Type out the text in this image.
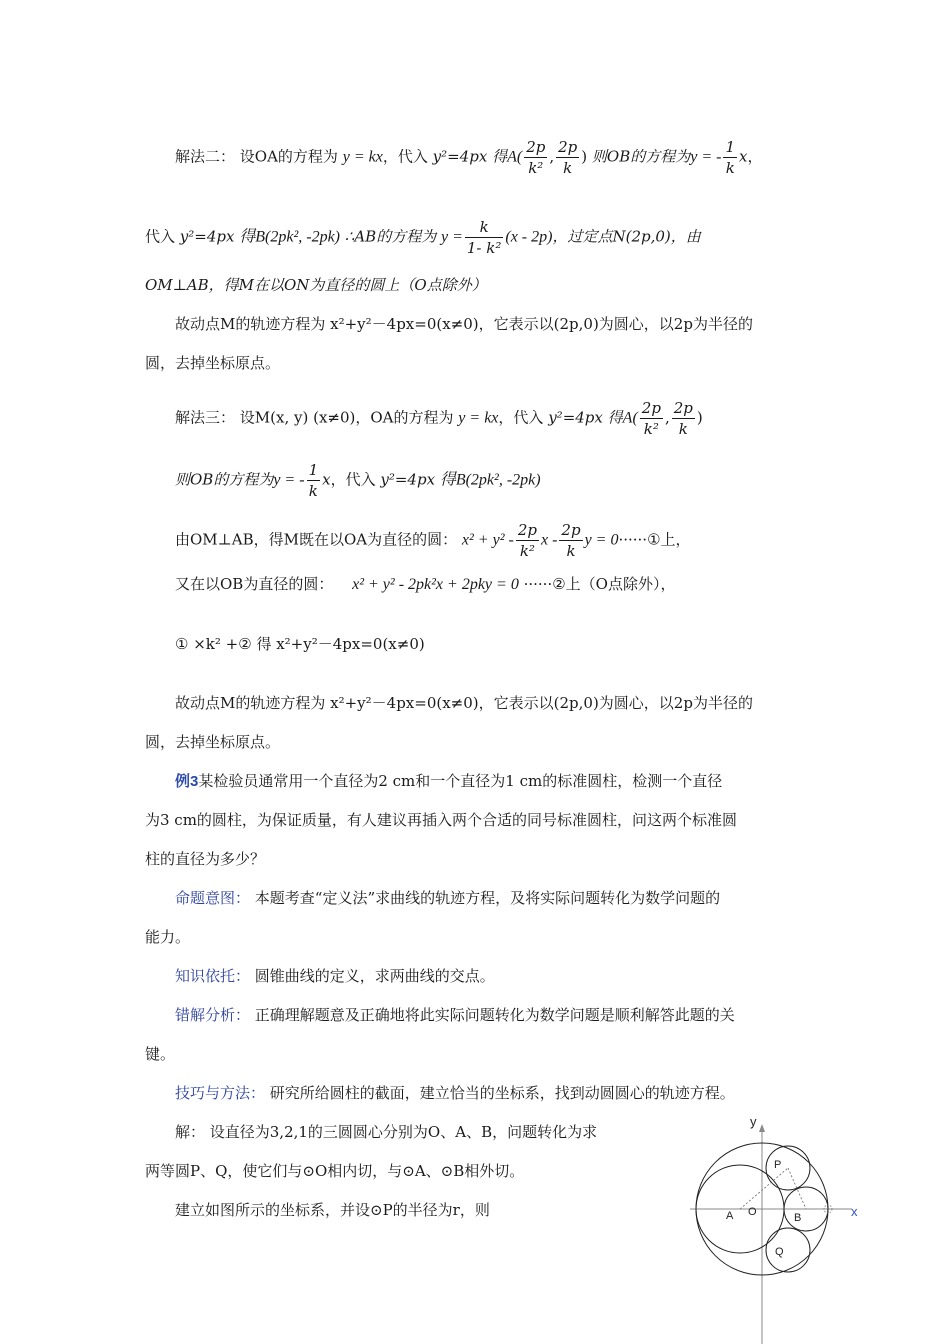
解法二： 设OA的方程为 y = kx，代入 y²=4px 得$A( \frac{2p}{\text{k²}}$ , $\frac{2p}{k}$ ) 则OB的方程为y = - $\frac{1}{k}$ x，
代入 y²=4px 得B(2pk², -2pk) ∴AB的方程为 $y = \frac{k}{\text{1- k²}} (x - 2p)$，过定点N(2p,0)，由
OM⊥AB，得M在以ON为直径的圆上（O点除外）
故动点M的轨迹方程为 x²+y²－4px=0(x≠0)，它表示以(2p,0)为圆心，以2p为半径的
圆，去掉坐标原点。
解法三： 设M(x, y) (x≠0)，OA的方程为 y = kx，代入 y²=4px 得$A( \frac{2p}{\text{k²}}$ , $\frac{2p}{k}$ )
则OB的方程为y = - $\frac{1}{k}$ x，代入 y²=4px 得B(2pk², -2pk)
由OM⊥AB，得M既在以OA为直径的圆： $x^2 + y^2 - \frac{2p}{\text{k²}}$ x - $\frac{2p}{k}$ y = 0······①上，
又在以OB为直径的圆： x² + y² - 2pk²x + 2pky = 0 ······②上（O点除外），
① ×k² +② 得 x²+y²－4px=0(x≠0)
故动点M的轨迹方程为 x²+y²－4px=0(x≠0)，它表示以(2p,0)为圆心，以2p为半径的
圆，去掉坐标原点。
例3某检验员通常用一个直径为2 cm和一个直径为1 cm的标准圆柱，检测一个直径
为3 cm的圆柱，为保证质量，有人建议再插入两个合适的同号标准圆柱，问这两个标准圆
柱的直径为多少？
命题意图： 本题考查“定义法”求曲线的轨迹方程，及将实际问题转化为数学问题的
能力。
知识依托： 圆锥曲线的定义，求两曲线的交点。
错解分析： 正确理解题意及正确地将此实际问题转化为数学问题是顺利解答此题的关
键。
技巧与方法： 研究所给圆柱的截面，建立恰当的坐标系，找到动圆圆心的轨迹方程。
解： 设直径为3,2,1的三圆圆心分别为O、A、B，问题转化为求
两等圆P、Q，使它们与⊙O相内切，与⊙A、⊙B相外切。
建立如图所示的坐标系，并设⊙P的半径为r，则
y
x
A O	B
P
Q
